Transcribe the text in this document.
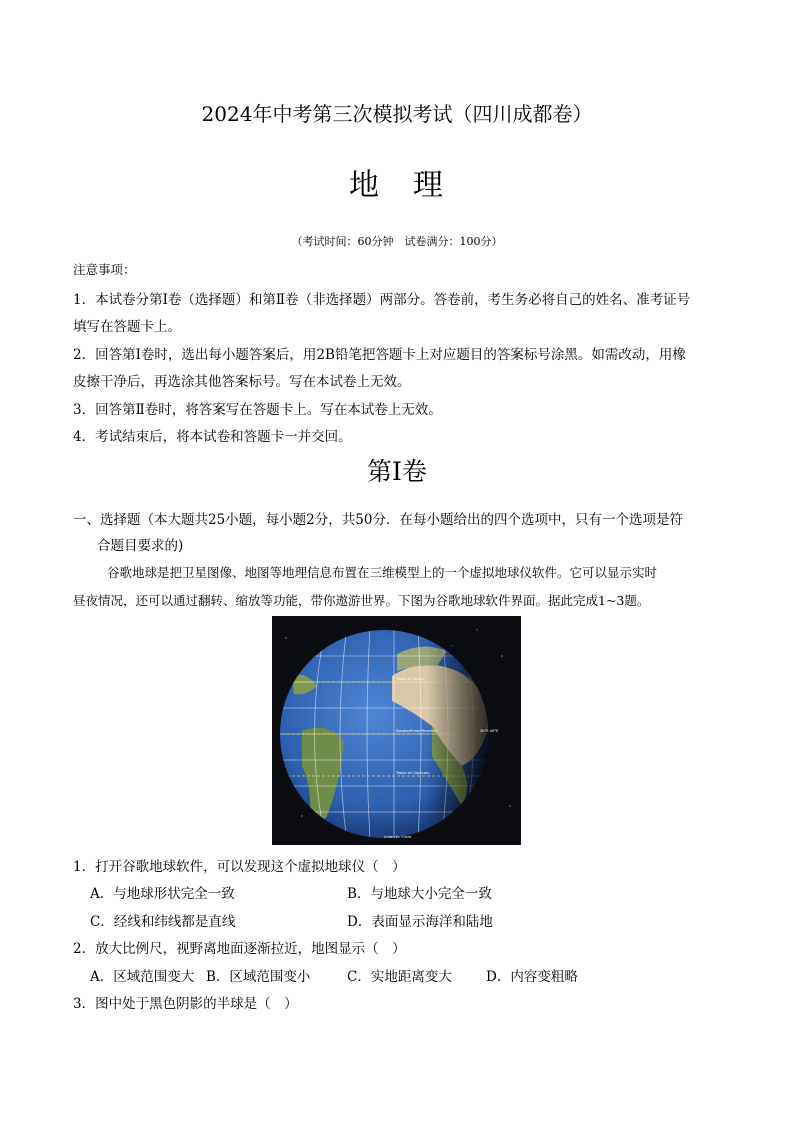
2024年中考第三次模拟考试（四川成都卷）
地　理
（考试时间：60分钟　试卷满分：100分）
注意事项：
1．本试卷分第Ⅰ卷（选择题）和第Ⅱ卷（非选择题）两部分。答卷前，考生务必将自己的姓名、准考证号
填写在答题卡上。
2．回答第Ⅰ卷时，选出每小题答案后，用2B铅笔把答题卡上对应题目的答案标号涂黑。如需改动，用橡
皮擦干净后，再选涂其他答案标号。写在本试卷上无效。
3．回答第Ⅱ卷时，将答案写在答题卡上。写在本试卷上无效。
4．考试结束后，将本试卷和答题卡一并交回。
第Ⅰ卷
一、选择题（本大题共25小题，每小题2分，共50分．在每小题给出的四个选项中，只有一个选项是符
合题目要求的)
谷歌地球是把卫星图像、地图等地理信息布置在三维模型上的一个虚拟地球仪软件。它可以显示实时
昼夜情况，还可以通过翻转、缩放等功能，带你遨游世界。下图为谷歌地球软件界面。据此完成1~3题。
Tropic of Cancer
Equator Prime Meridian
Tropic of Capricorn
Antarctic Circle
30°E 40°E
1．打开谷歌地球软件，可以发现这个虚拟地球仪（　）
A．与地球形状完全一致	B．与地球大小完全一致
C．经线和纬线都是直线	D．表面显示海洋和陆地
2．放大比例尺，视野离地面逐渐拉近，地图显示（　）
A．区域范围变大 B．区域范围变小	C．实地距离变大	D．内容变粗略
3．图中处于黑色阴影的半球是（　）
